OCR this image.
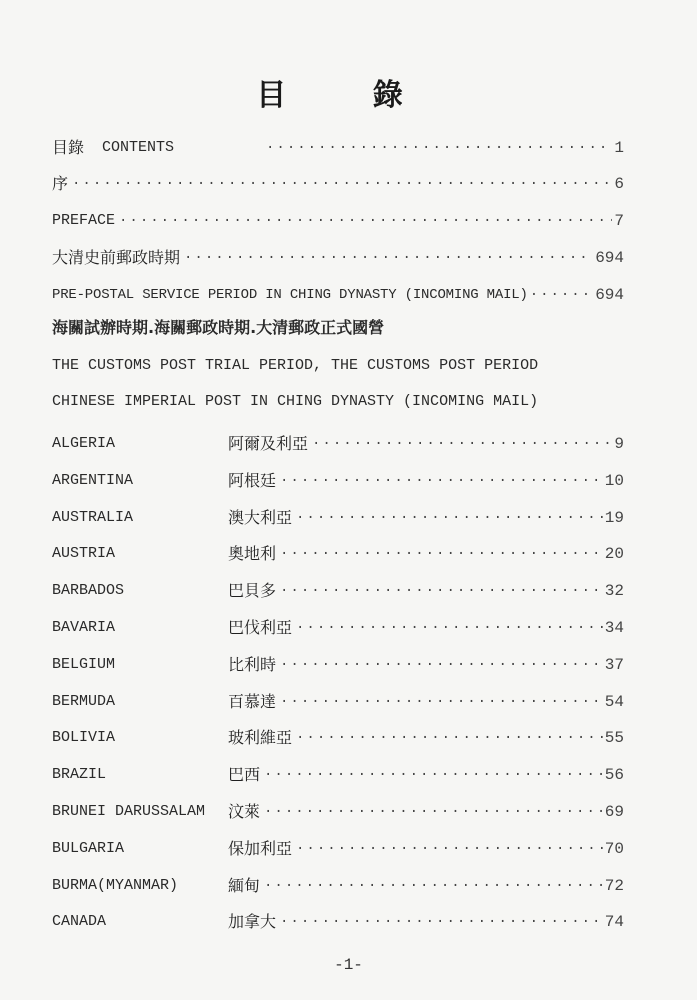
目 錄
目錄 CONTENTS ·····	1
序 ·····	6
PREFACE ·····	7
大清史前郵政時期 ·····	694
PRE-POSTAL SERVICE PERIOD IN CHING DYNASTY (INCOMING MAIL) ·····	694
海關試辦時期.海關郵政時期.大清郵政正式國營
THE CUSTOMS POST TRIAL PERIOD, THE CUSTOMS POST PERIOD
CHINESE IMPERIAL POST IN CHING DYNASTY (INCOMING MAIL)
ALGERIA	阿爾及利亞 ·····	9
ARGENTINA	阿根廷 ·····	10
AUSTRALIA	澳大利亞 ·····	19
AUSTRIA	奧地利 ·····	20
BARBADOS	巴貝多 ·····	32
BAVARIA	巴伐利亞 ·····	34
BELGIUM	比利時 ·····	37
BERMUDA	百慕達 ·····	54
BOLIVIA	玻利維亞 ·····	55
BRAZIL	巴西 ·····	56
BRUNEI DARUSSALAM	汶萊 ·····	69
BULGARIA	保加利亞 ·····	70
BURMA(MYANMAR)	緬甸 ·····	72
CANADA	加拿大 ·····	74
-1-
